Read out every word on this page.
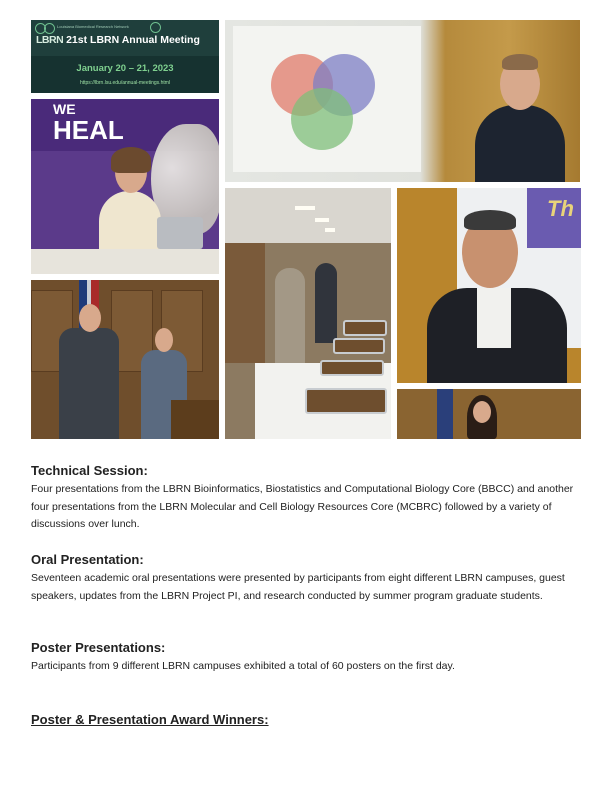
Louisiana Biomedical Research Network
LBRN 21st LBRN Annual Meeting
January 20 – 21, 2023
https://lbrn.lsu.edu/annual-meetings.html
WE
HEAL
Th
Technical Session:

Four presentations from the LBRN Bioinformatics, Biostatistics and Computational Biology Core (BBCC) and another four presentations from the LBRN Molecular and Cell Biology Resources Core (MCBRC) followed by a variety of discussions over lunch.

Oral Presentation:

Seventeen academic oral presentations were presented by participants from eight different LBRN campuses, guest speakers, updates from the LBRN Project PI, and research conducted by summer program graduate students.

Poster Presentations:

Participants from 9 different LBRN campuses exhibited a total of 60 posters on the first day.

Poster & Presentation Award Winners:
